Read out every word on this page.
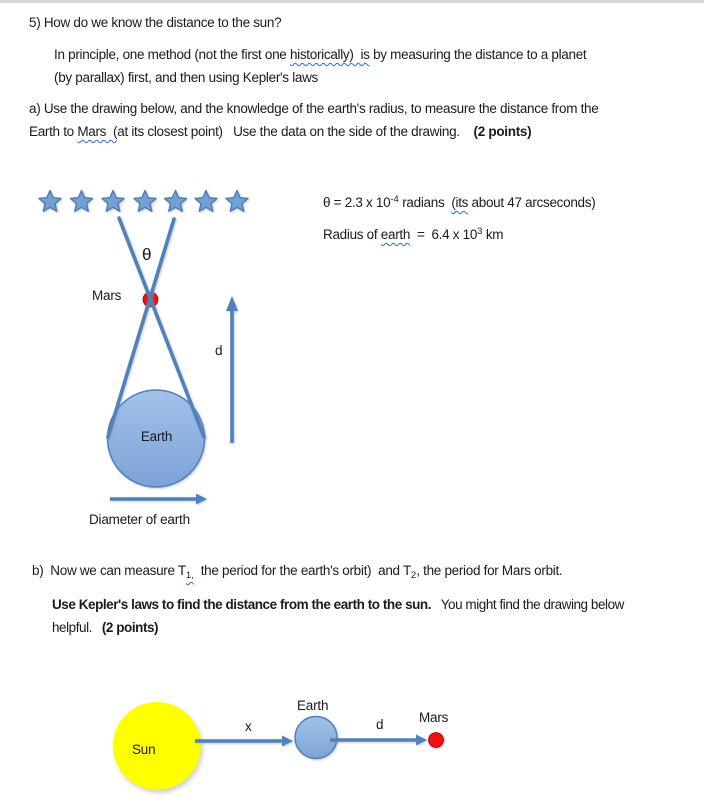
5) How do we know the distance to the sun?
In principle, one method (not the first one historically)  is by measuring the distance to a planet
(by parallax) first, and then using Kepler's laws
a) Use the drawing below, and the knowledge of the earth's radius, to measure the distance from the
Earth to Mars  (at its closest point)   Use the data on the side of the drawing.    (2 points)
θ = 2.3 x $10^{-4}$ radians  (its about 47 arcseconds)
Radius of earth  =  6.4 x $10^3$ km
θ
Mars
d
Earth
Diameter of earth
b)  Now we can measure $T_{1,}$  the period for the earth's orbit)  and $T_2$, the period for Mars orbit.
Use Kepler's laws to find the distance from the earth to the sun.   You might find the drawing below
helpful.   (2 points)
Sun
x
Earth
d	Mars
